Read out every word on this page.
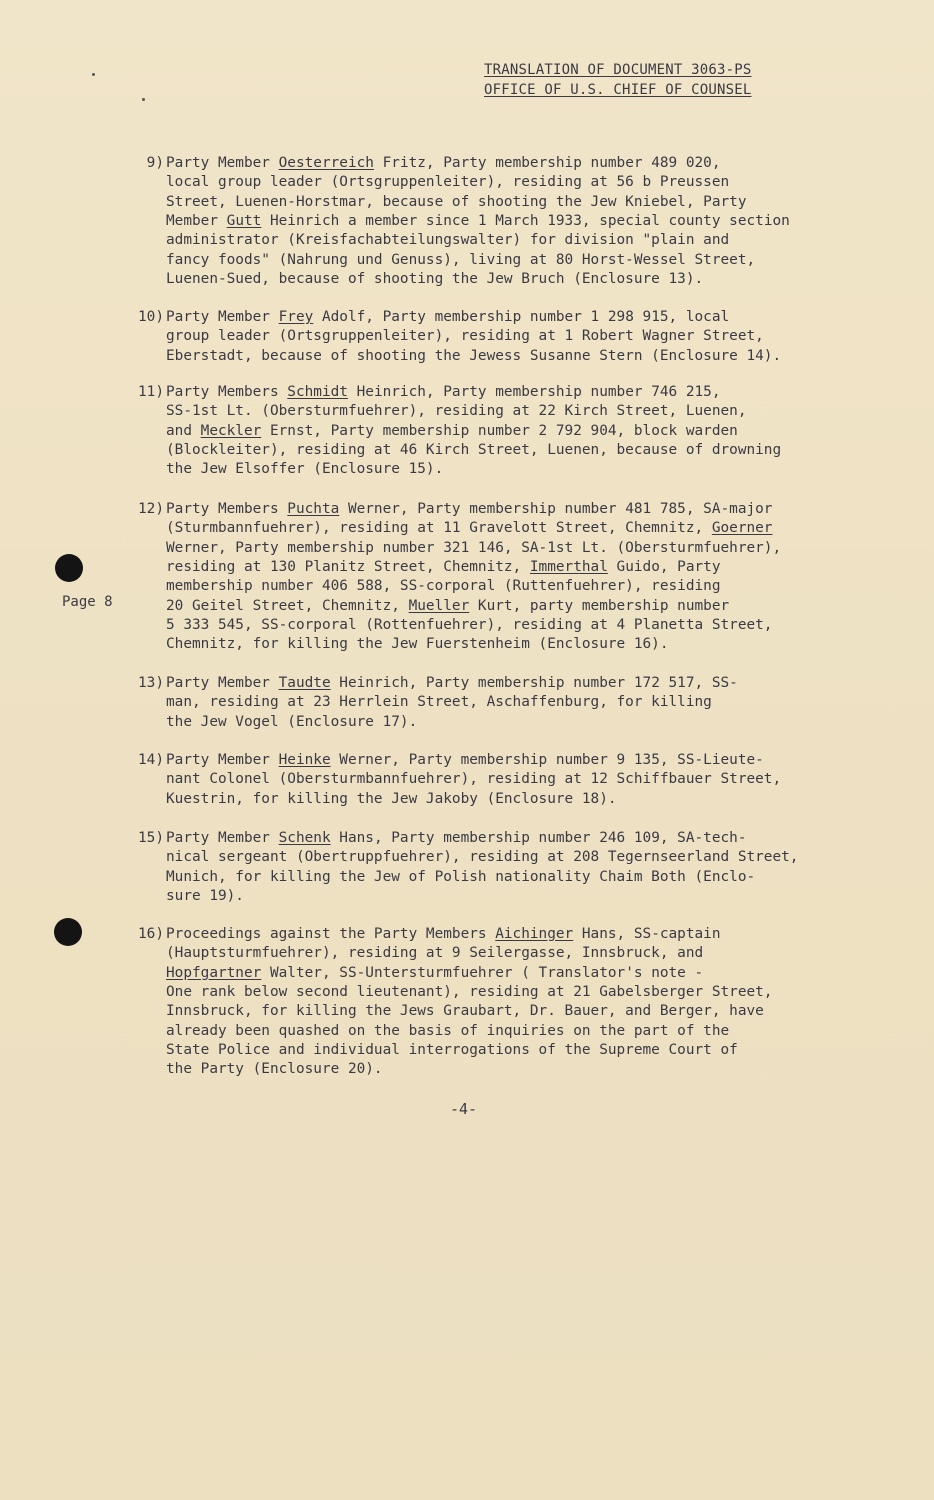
TRANSLATION OF DOCUMENT 3063-PS
OFFICE OF U.S. CHIEF OF COUNSEL
Page 8
9) Party Member Oesterreich Fritz, Party membership number 489 020,
local group leader (Ortsgruppenleiter), residing at 56 b Preussen
Street, Luenen-Horstmar, because of shooting the Jew Kniebel, Party
Member Gutt Heinrich a member since 1 March 1933, special county section
administrator (Kreisfachabteilungswalter) for division "plain and
fancy foods" (Nahrung und Genuss), living at 80 Horst-Wessel Street,
Luenen-Sued, because of shooting the Jew Bruch (Enclosure 13).
10) Party Member Frey Adolf, Party membership number 1 298 915, local
group leader (Ortsgruppenleiter), residing at 1 Robert Wagner Street,
Eberstadt, because of shooting the Jewess Susanne Stern (Enclosure 14).
11) Party Members Schmidt Heinrich, Party membership number 746 215,
SS-1st Lt. (Obersturmfuehrer), residing at 22 Kirch Street, Luenen,
and Meckler Ernst, Party membership number 2 792 904, block warden
(Blockleiter), residing at 46 Kirch Street, Luenen, because of drowning
the Jew Elsoffer (Enclosure 15).
12) Party Members Puchta Werner, Party membership number 481 785, SA-major
(Sturmbannfuehrer), residing at 11 Gravelott Street, Chemnitz, Goerner
Werner, Party membership number 321 146, SA-1st Lt. (Obersturmfuehrer),
residing at 130 Planitz Street, Chemnitz, Immerthal Guido, Party
membership number 406 588, SS-corporal (Ruttenfuehrer), residing
20 Geitel Street, Chemnitz, Mueller Kurt, party membership number
5 333 545, SS-corporal (Rottenfuehrer), residing at 4 Planetta Street,
Chemnitz, for killing the Jew Fuerstenheim (Enclosure 16).
13) Party Member Taudte Heinrich, Party membership number 172 517, SS-
man, residing at 23 Herrlein Street, Aschaffenburg, for killing
the Jew Vogel (Enclosure 17).
14) Party Member Heinke Werner, Party membership number 9 135, SS-Lieute-
nant Colonel (Obersturmbannfuehrer), residing at 12 Schiffbauer Street,
Kuestrin, for killing the Jew Jakoby (Enclosure 18).
15) Party Member Schenk Hans, Party membership number 246 109, SA-tech-
nical sergeant (Obertruppfuehrer), residing at 208 Tegernseerland Street,
Munich, for killing the Jew of Polish nationality Chaim Both (Enclo-
sure 19).
16) Proceedings against the Party Members Aichinger Hans, SS-captain
(Hauptsturmfuehrer), residing at 9 Seilergasse, Innsbruck, and
Hopfgartner Walter, SS-Untersturmfuehrer ( Translator's note -
One rank below second lieutenant), residing at 21 Gabelsberger Street,
Innsbruck, for killing the Jews Graubart, Dr. Bauer, and Berger, have
already been quashed on the basis of inquiries on the part of the
State Police and individual interrogations of the Supreme Court of
the Party (Enclosure 20).
-4-
